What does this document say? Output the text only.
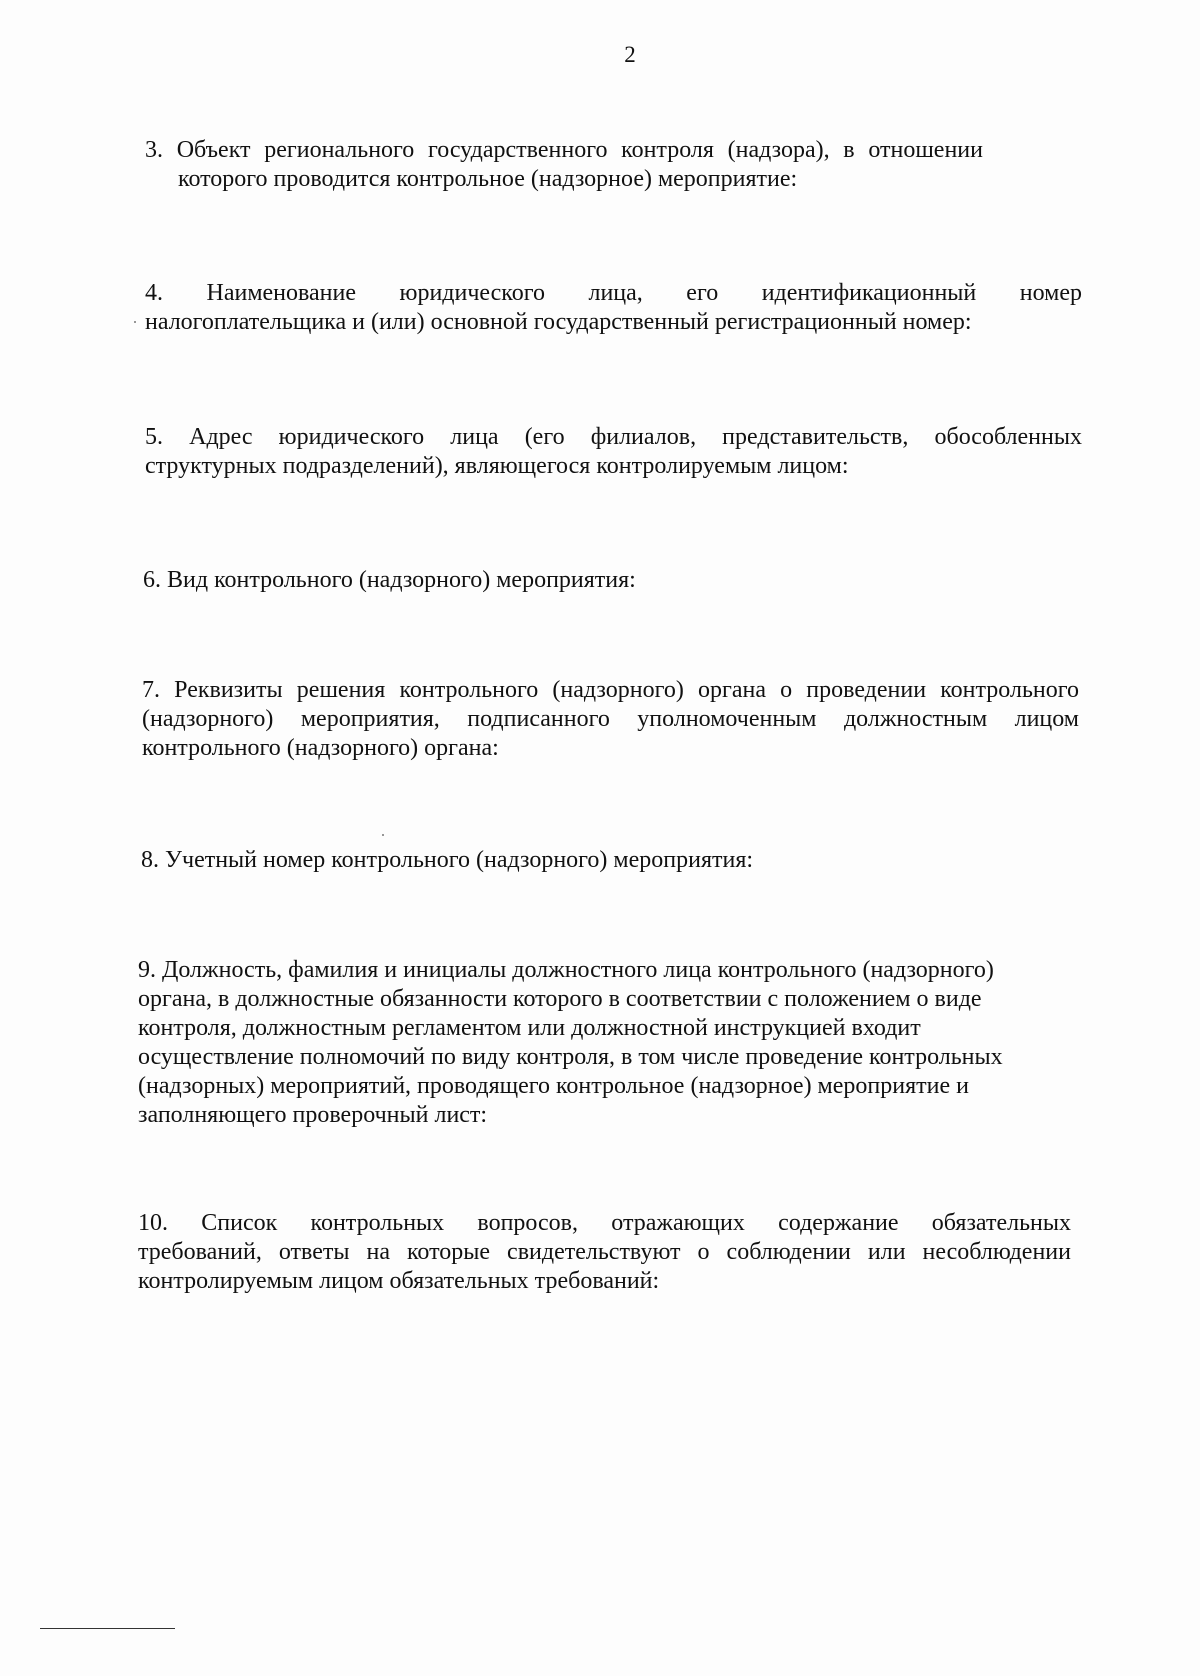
2
3. Объект регионального государственного контроля (надзора), в отношении
которого проводится контрольное (надзорное) мероприятие:
4. Наименование юридического лица, его идентификационный номер
налогоплательщика и (или) основной государственный регистрационный номер:
5. Адрес юридического лица (его филиалов, представительств, обособленных
структурных подразделений), являющегося контролируемым лицом:
6. Вид контрольного (надзорного) мероприятия:
7. Реквизиты решения контрольного (надзорного) органа о проведении контрольного
(надзорного) мероприятия, подписанного уполномоченным должностным лицом
контрольного (надзорного) органа:
8. Учетный номер контрольного (надзорного) мероприятия:
9. Должность, фамилия и инициалы должностного лица контрольного (надзорного)
органа, в должностные обязанности которого в соответствии с положением о виде
контроля, должностным регламентом или должностной инструкцией входит
осуществление полномочий по виду контроля, в том числе проведение контрольных
(надзорных) мероприятий, проводящего контрольное (надзорное) мероприятие и
заполняющего проверочный лист:
10. Список контрольных вопросов, отражающих содержание обязательных
требований, ответы на которые свидетельствуют о соблюдении или несоблюдении
контролируемым лицом обязательных требований:
